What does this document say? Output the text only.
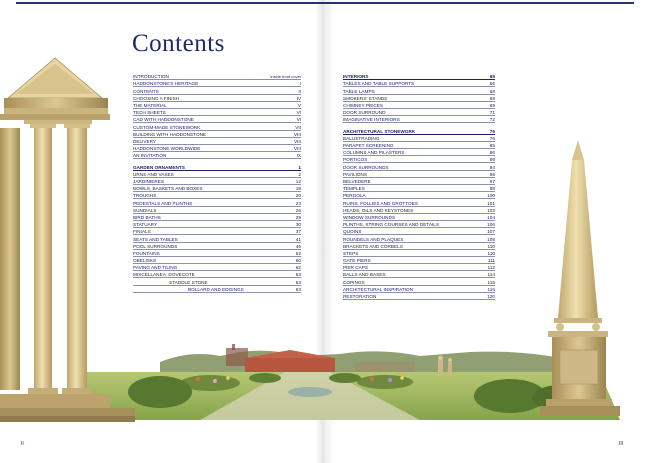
Contents
INTRODUCTION	Inside front cover
HADDONSTONE'S HERITAGE	I
CONTENTS	II
CHOOSING A FINISH	IV
THE MATERIAL	V
TECH SHEETS	VI
CAD WITH HADDONSTONE	VI
CUSTOM-MADE STONEWORK	VII
BUILDING WITH HADDONSTONE	VIII
DELIVERY	VIII
HADDONSTONE WORLDWIDE	VIII
AN INVITATION	IX
GARDEN ORNAMENTS	1
URNS AND VASES	2
JARDINIERES	12
BOWLS, BASKETS AND BOXES	18
TROUGHS	20
PEDESTALS AND PLINTHS	23
SUNDIALS	26
BIRD BATHS	29
STATUARY	30
FINIALS	37
SEATS AND TABLES	41
POOL SURROUNDS	46
FOUNTAINS	52
OBELISKS	60
PAVING AND TILING	62
MISCELLANEA: DOVECOTE	63
STADDLE STONE	63
BOLLARD AND EDGINGS	63
INTERIORS	65
TABLES AND TABLE SUPPORTS	66
TABLE LAMPS	68
SMOKERS' STANDS	68
CHIMNEY PIECES	69
DOOR SURROUND	71
IMAGINATIVE INTERIORS	72
ARCHITECTURAL STONEWORK	75
BALUSTRADING	76
PARAPET SCREENING	85
COLUMNS AND PILASTERS	86
PORTICOS	89
DOOR SURROUNDS	94
PAVILIONS	95
BELVEDERE	97
TEMPLES	98
PERGOLA	100
RUINS, FOLLIES AND GROTTOES	101
HEADS, OILS AND KEYSTONES	103
WINDOW SURROUNDS	104
PLINTHS, STRING COURSES AND DETAILS	106
QUOINS	107
ROUNDELS AND PLAQUES	108
BRACKETS AND CORBELS	110
STEPS	110
GATE PIERS	111
PIER CAPS	112
BALLS AND BASES	114
COPINGS	115
ARCHITECTURAL INSPIRATION	116
RESTORATION	120
II	III
